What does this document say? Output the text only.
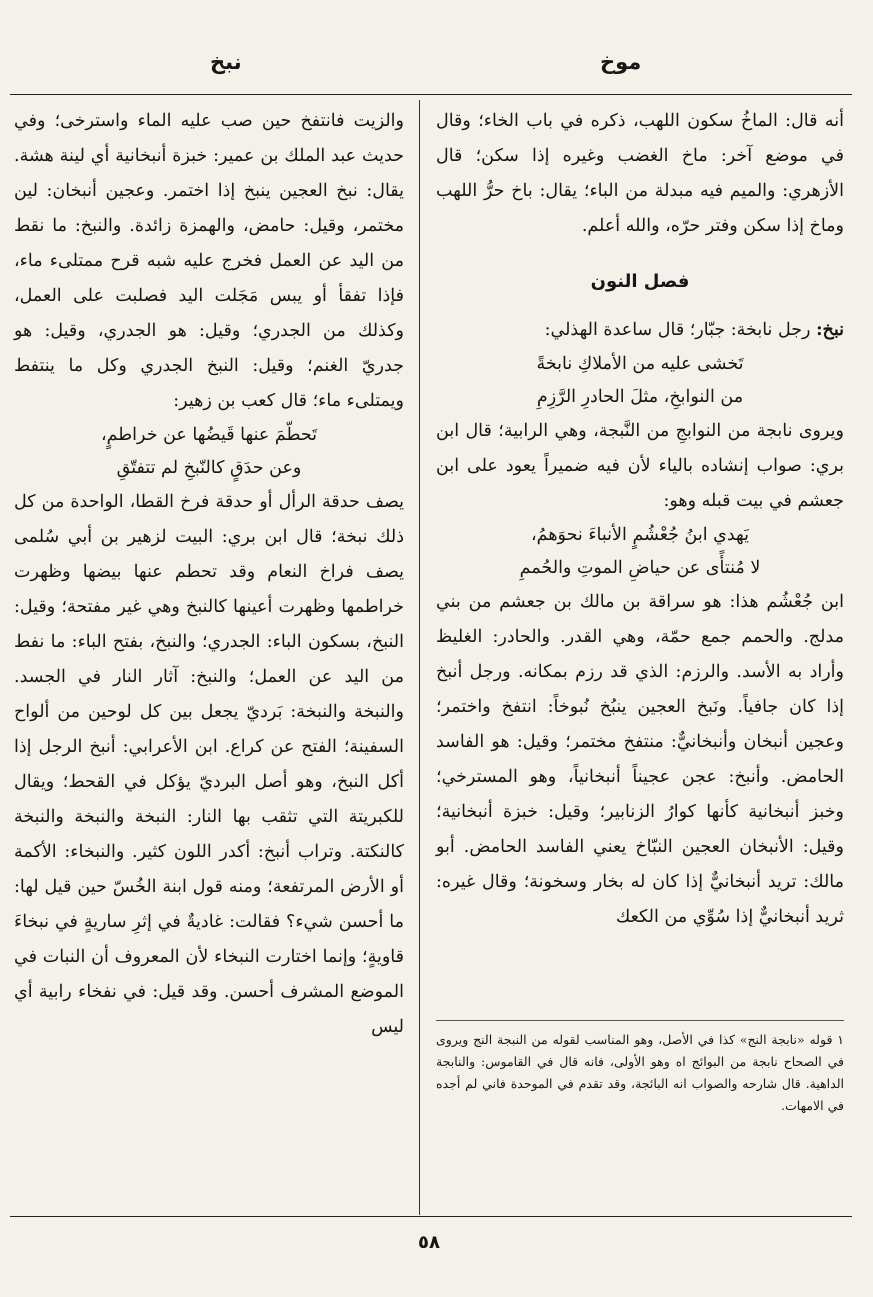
موخ
نبخ

أنه قال: الماخُ سكون اللهب، ذكره في باب الخاء؛ وقال في موضع آخر: ماخ الغضب وغيره إذا سكن؛ قال الأزهري: والميم فيه مبدلة من الباء؛ يقال: باخ حرُّ اللهب وماخ إذا سكن وفتر حرّه، والله أعلم.

فصل النون

نبخ: رجل نابخة: جبّار؛ قال ساعدة الهذلي:

تَخشى عليه من الأملاكِ نابخةً

من النوابخِ، مثلَ الحادرِ الرَّزِمِ

ويروى نابجة من النوابجِ من النَّبجة، وهي الرابية؛ قال ابن بري: صواب إنشاده بالياء لأن فيه ضميراً يعود على ابن جعشم في بيت قبله وهو:

يَهدي ابنُ جُعْشُمٍ الأنباءَ نحوَهمُ،

لا مُنتأًى عن حياضِ الموتِ والحُممِ

ابن جُعْشُم هذا: هو سراقة بن مالك بن جعشم من بني مدلج. والحمم جمع حمّة، وهي القدر. والحادر: الغليظ وأراد به الأسد. والرزم: الذي قد رزم بمكانه. ورجل أنبخ إذا كان جافياً. ونَبخ العجين ينبُخ نُبوخاً: انتفخ واختمر؛ وعجين أنبخان وأنبخانيٌّ: منتفخ مختمر؛ وقيل: هو الفاسد الحامض. وأنبخ: عجن عجيناً أنبخانياً، وهو المسترخي؛ وخبز أنبخانية كأنها كوارُ الزنابير؛ وقيل: خبزة أنبخانية؛ وقيل: الأنبخان العجين النبّاخ يعني الفاسد الحامض. أبو مالك: تريد أنبخانيٌّ إذا كان له بخار وسخونة؛ وقال غيره: ثريد أنبخانيٌّ إذا سُوِّي من الكعك

١ قوله «نابجة النج» كذا في الأصل، وهو المناسب لقوله من النبجة النج ويروى في الصحاح نابجة من البوائج اه وهو الأولى، فانه قال في القاموس: والنابجة الداهية. قال شارحه والصواب انه البائجة، وقد تقدم في الموحدة فاني لم أجده في الامهات.

والزيت فانتفخ حين صب عليه الماء واسترخى؛ وفي حديث عبد الملك بن عمير: خبزة أنبخانية أي لينة هشة. يقال: نبخ العجين ينبخ إذا اختمر. وعجين أنبخان: لين مختمر، وقيل: حامض، والهمزة زائدة. والنبخ: ما نقط من اليد عن العمل فخرج عليه شبه قرح ممتلىء ماء، فإذا تفقأ أو يبس مَجَلت اليد فصلبت على العمل، وكذلك من الجدري؛ وقيل: هو الجدري، وقيل: هو جدريّ الغنم؛ وقيل: النبخ الجدري وكل ما ينتفط ويمتلىء ماء؛ قال كعب بن زهير:

تَحطّمَ عنها قَيضُها عن خراطمٍ،

وعن حدَقٍ كالنّبخِ لم تتفتّقِ

يصف حدقة الرأل أو حدقة فرخ القطا، الواحدة من كل ذلك نبخة؛ قال ابن بري: البيت لزهير بن أبي سُلمى يصف فراخ النعام وقد تحطم عنها بيضها وظهرت خراطمها وظهرت أعينها كالنبخ وهي غير مفتحة؛ وقيل: النبخ، بسكون الباء: الجدري؛ والنبخ، بفتح الباء: ما نفط من اليد عن العمل؛ والنبخ: آثار النار في الجسد. والنبخة والنبخة: بَرديّ يجعل بين كل لوحين من ألواح السفينة؛ الفتح عن كراع. ابن الأعرابي: أنبخ الرجل إذا أكل النبخ، وهو أصل البرديّ يؤكل في القحط؛ ويقال للكبريتة التي تثقب بها النار: النبخة والنبخة والنبخة كالنكتة. وتراب أنبخ: أكدر اللون كثير. والنبخاء: الأكمة أو الأرض المرتفعة؛ ومنه قول ابنة الخُسّ حين قيل لها: ما أحسن شيء؟ فقالت: غاديةٌ في إثرِ ساريةٍ في نبخاءَ قاويةٍ؛ وإنما اختارت النبخاء لأن المعروف أن النبات في الموضع المشرف أحسن. وقد قيل: في نفخاء رابية أي ليس

٥٨
